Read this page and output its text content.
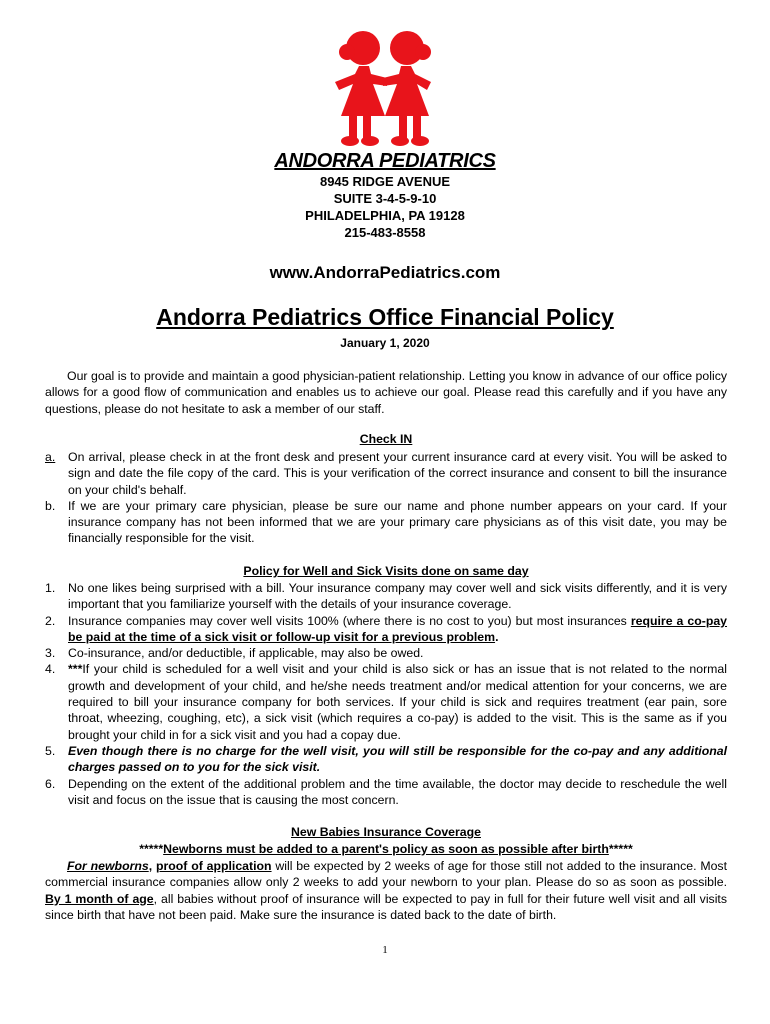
ANDORRA PEDIATRICS
8945 RIDGE AVENUE
SUITE 3-4-5-9-10
PHILADELPHIA, PA 19128
215-483-8558
www.AndorraPediatrics.com
Andorra Pediatrics Office Financial Policy
January 1, 2020
Our goal is to provide and maintain a good physician-patient relationship. Letting you know in advance of our office policy allows for a good flow of communication and enables us to achieve our goal. Please read this carefully and if you have any questions, please do not hesitate to ask a member of our staff.
Check IN
a.	On arrival, please check in at the front desk and present your current insurance card at every visit. You will be asked to sign and date the file copy of the card. This is your verification of the correct insurance and consent to bill the insurance on your child's behalf.
b.	If we are your primary care physician, please be sure our name and phone number appears on your card. If your insurance company has not been informed that we are your primary care physicians as of this visit date, you may be financially responsible for the visit.
Policy for Well and Sick Visits done on same day
1.	No one likes being surprised with a bill. Your insurance company may cover well and sick visits differently, and it is very important that you familiarize yourself with the details of your insurance coverage.
2.	Insurance companies may cover well visits 100% (where there is no cost to you) but most insurances require a co-pay be paid at the time of a sick visit or follow-up visit for a previous problem.
3.	Co-insurance, and/or deductible, if applicable, may also be owed.
4.	***If your child is scheduled for a well visit and your child is also sick or has an issue that is not related to the normal growth and development of your child, and he/she needs treatment and/or medical attention for your concerns, we are required to bill your insurance company for both services. If your child is sick and requires treatment (ear pain, sore throat, wheezing, coughing, etc), a sick visit (which requires a co-pay) is added to the visit. This is the same as if you brought your child in for a sick visit and you had a copay due.
5.	Even though there is no charge for the well visit, you will still be responsible for the co-pay and any additional charges passed on to you for the sick visit.
6.	Depending on the extent of the additional problem and the time available, the doctor may decide to reschedule the well visit and focus on the issue that is causing the most concern.
New Babies Insurance Coverage
*****Newborns must be added to a parent's policy as soon as possible after birth*****
For newborns, proof of application will be expected by 2 weeks of age for those still not added to the insurance. Most commercial insurance companies allow only 2 weeks to add your newborn to your plan. Please do so as soon as possible. By 1 month of age, all babies without proof of insurance will be expected to pay in full for their future well visit and all visits since birth that have not been paid. Make sure the insurance is dated back to the date of birth.
1
